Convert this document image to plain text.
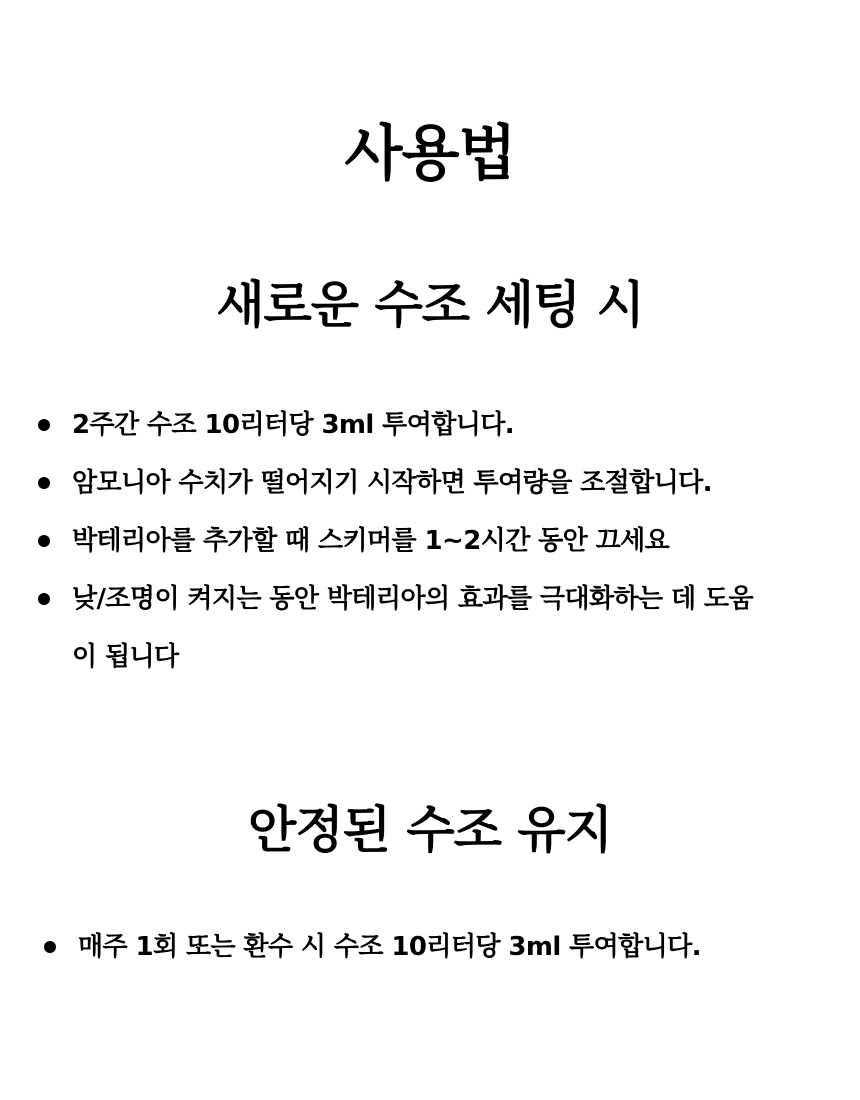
사용법
새로운 수조 세팅 시
2주간 수조 10리터당 3ml 투여합니다.
암모니아 수치가 떨어지기 시작하면 투여량을 조절합니다.
박테리아를 추가할 때 스키머를 1~2시간 동안 끄세요
낮/조명이 켜지는 동안 박테리아의 효과를 극대화하는 데 도움이 됩니다
안정된 수조 유지
매주 1회 또는 환수 시 수조 10리터당 3ml 투여합니다.
